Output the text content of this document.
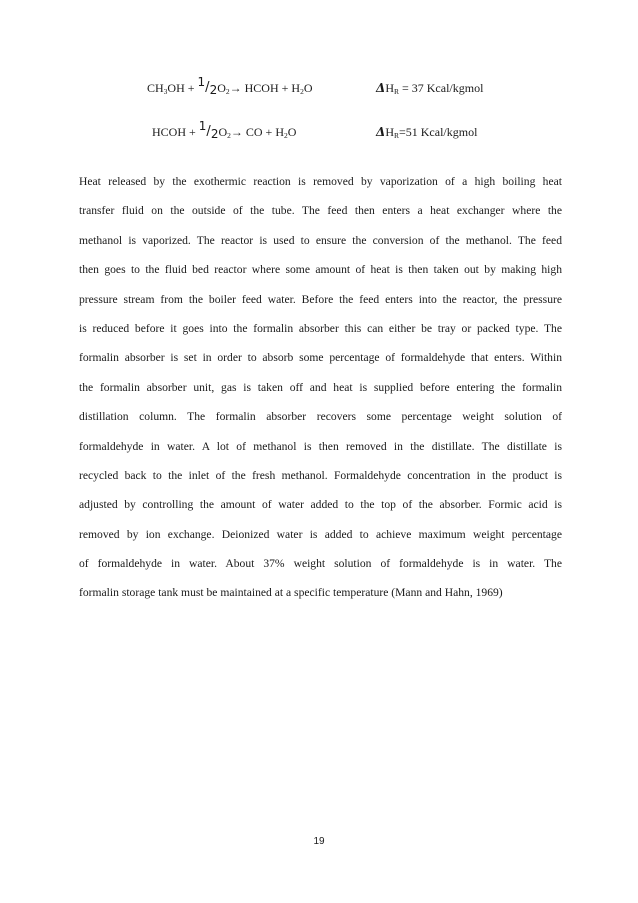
$CH_3OH + 1/2O_2\to$ HCOH + $H_2O$	$\Delta H_R = 37$ Kcal/kgmol
HCOH + $1/2O_2\to$ CO + $H_2O$	$\Delta H_R=51$ Kcal/kgmol
Heat released by the exothermic reaction is removed by vaporization of a high boiling heat
transfer fluid on the outside of the tube. The feed then enters a heat exchanger where the
methanol is vaporized. The reactor is used to ensure the conversion of the methanol. The feed
then goes to the fluid bed reactor where some amount of heat is then taken out by making high
pressure stream from the boiler feed water. Before the feed enters into the reactor, the pressure
is reduced before it goes into the formalin absorber this can either be tray or packed type. The
formalin absorber is set in order to absorb some percentage of formaldehyde that enters. Within
the formalin absorber unit, gas is taken off and heat is supplied before entering the formalin
distillation column. The formalin absorber recovers some percentage weight solution of
formaldehyde in water. A lot of methanol is then removed in the distillate. The distillate is
recycled back to the inlet of the fresh methanol. Formaldehyde concentration in the product is
adjusted by controlling the amount of water added to the top of the absorber. Formic acid is
removed by ion exchange. Deionized water is added to achieve maximum weight percentage
of formaldehyde in water. About 37% weight solution of formaldehyde is in water. The
formalin storage tank must be maintained at a specific temperature (Mann and Hahn, 1969)
19
